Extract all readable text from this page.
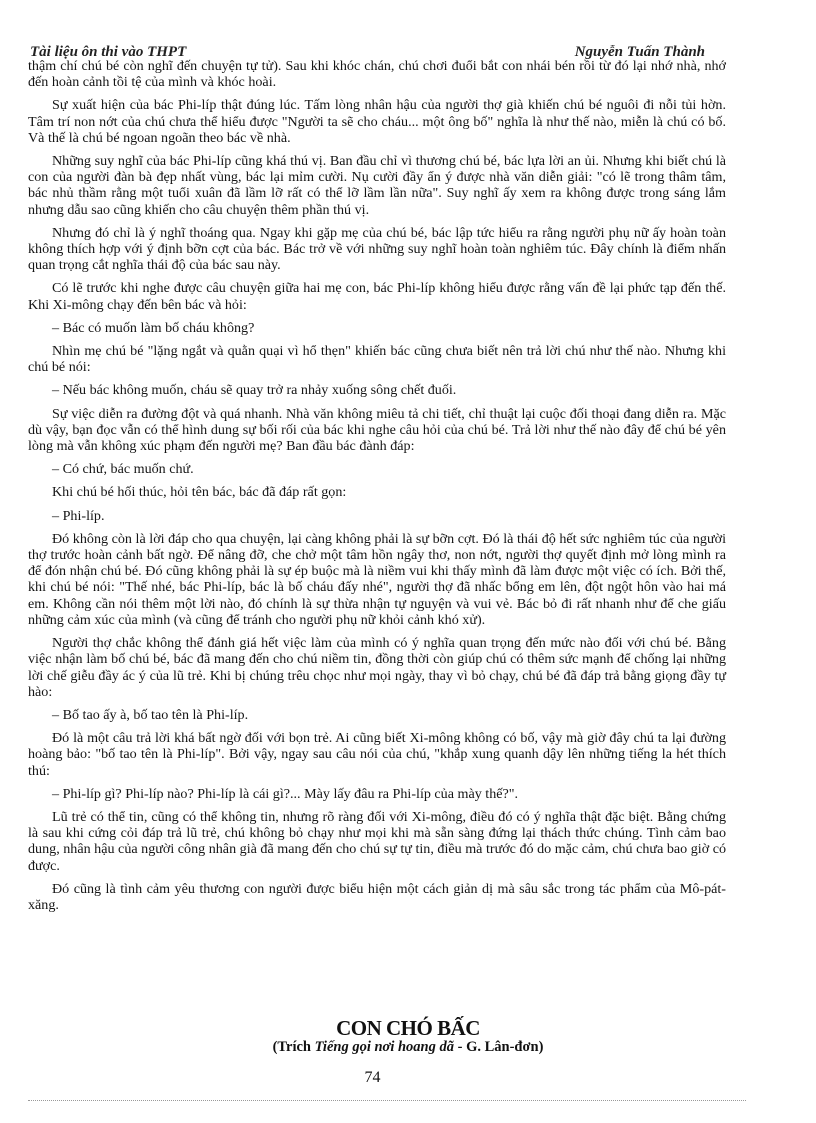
Tài liệu ôn thi vào THPT	Nguyễn Tuấn Thành

thậm chí chú bé còn nghĩ đến chuyện tự tử). Sau khi khóc chán, chú chơi đuổi bắt con nhái bén rồi từ đó lại nhớ nhà, nhớ đến hoàn cảnh tồi tệ của mình và khóc hoài.

Sự xuất hiện của bác Phi-líp thật đúng lúc. Tấm lòng nhân hậu của người thợ già khiến chú bé nguôi đi nỗi tủi hờn. Tâm trí non nớt của chú chưa thể hiểu được "Người ta sẽ cho cháu... một ông bố" nghĩa là như thế nào, miễn là chú có bố. Và thế là chú bé ngoan ngoãn theo bác về nhà.

Những suy nghĩ của bác Phi-líp cũng khá thú vị. Ban đầu chỉ vì thương chú bé, bác lựa lời an ủi. Nhưng khi biết chú là con của người đàn bà đẹp nhất vùng, bác lại mỉm cười. Nụ cười đầy ẩn ý được nhà văn diễn giải: "có lẽ trong thâm tâm, bác nhủ thầm rằng một tuổi xuân đã lầm lỡ rất có thể lỡ lầm lần nữa". Suy nghĩ ấy xem ra không được trong sáng lắm nhưng dẫu sao cũng khiến cho câu chuyện thêm phần thú vị.

Nhưng đó chỉ là ý nghĩ thoáng qua. Ngay khi gặp mẹ của chú bé, bác lập tức hiểu ra rằng người phụ nữ ấy hoàn toàn không thích hợp với ý định bỡn cợt của bác. Bác trở về với những suy nghĩ hoàn toàn nghiêm túc. Đây chính là điểm nhấn quan trọng cắt nghĩa thái độ của bác sau này.

Có lẽ trước khi nghe được câu chuyện giữa hai mẹ con, bác Phi-líp không hiểu được rằng vấn đề lại phức tạp đến thế. Khi Xi-mông chạy đến bên bác và hỏi:

– Bác có muốn làm bố cháu không?

Nhìn mẹ chú bé "lặng ngắt và quằn quại vì hổ thẹn" khiến bác cũng chưa biết nên trả lời chú như thế nào. Nhưng khi chú bé nói:

– Nếu bác không muốn, cháu sẽ quay trở ra nhảy xuống sông chết đuối.

Sự việc diễn ra đường đột và quá nhanh. Nhà văn không miêu tả chi tiết, chỉ thuật lại cuộc đối thoại đang diễn ra. Mặc dù vậy, bạn đọc vẫn có thể hình dung sự bối rối của bác khi nghe câu hỏi của chú bé. Trả lời như thế nào đây để chú bé yên lòng mà vẫn không xúc phạm đến người mẹ? Ban đầu bác đành đáp:

– Có chứ, bác muốn chứ.

Khi chú bé hối thúc, hỏi tên bác, bác đã đáp rất gọn:

– Phi-líp.

Đó không còn là lời đáp cho qua chuyện, lại càng không phải là sự bỡn cợt. Đó là thái độ hết sức nghiêm túc của người thợ trước hoàn cảnh bất ngờ. Để nâng đỡ, che chở một tâm hồn ngây thơ, non nớt, người thợ quyết định mở lòng mình ra để đón nhận chú bé. Đó cũng không phải là sự ép buộc mà là niềm vui khi thấy mình đã làm được một việc có ích. Bởi thế, khi chú bé nói: "Thế nhé, bác Phi-líp, bác là bố cháu đấy nhé", người thợ đã nhấc bổng em lên, đột ngột hôn vào hai má em. Không cần nói thêm một lời nào, đó chính là sự thừa nhận tự nguyện và vui vẻ. Bác bỏ đi rất nhanh như để che giấu những cảm xúc của mình (và cũng để tránh cho người phụ nữ khỏi cảnh khó xử).

Người thợ chắc không thể đánh giá hết việc làm của mình có ý nghĩa quan trọng đến mức nào đối với chú bé. Bằng việc nhận làm bố chú bé, bác đã mang đến cho chú niềm tin, đồng thời còn giúp chú có thêm sức mạnh để chống lại những lời chế giễu đầy ác ý của lũ trẻ. Khi bị chúng trêu chọc như mọi ngày, thay vì bỏ chạy, chú bé đã đáp trả bằng giọng đầy tự hào:

– Bố tao ấy à, bố tao tên là Phi-líp.

Đó là một câu trả lời khá bất ngờ đối với bọn trẻ. Ai cũng biết Xi-mông không có bố, vậy mà giờ đây chú ta lại đường hoàng bảo: "bố tao tên là Phi-líp". Bởi vậy, ngay sau câu nói của chú, "khắp xung quanh dậy lên những tiếng la hét thích thú:

– Phi-líp gì? Phi-líp nào? Phi-líp là cái gì?... Mày lấy đâu ra Phi-líp của mày thế?".

Lũ trẻ có thể tin, cũng có thể không tin, nhưng rõ ràng đối với Xi-mông, điều đó có ý nghĩa thật đặc biệt. Bằng chứng là sau khi cứng cỏi đáp trả lũ trẻ, chú không bỏ chạy như mọi khi mà sẵn sàng đứng lại thách thức chúng. Tình cảm bao dung, nhân hậu của người công nhân già đã mang đến cho chú sự tự tin, điều mà trước đó do mặc cảm, chú chưa bao giờ có được.

Đó cũng là tình cảm yêu thương con người được biểu hiện một cách giản dị mà sâu sắc trong tác phẩm của Mô-pát-xăng.

CON CHÓ BẤC
(Trích Tiếng gọi nơi hoang dã - G. Lân-đơn)
74
